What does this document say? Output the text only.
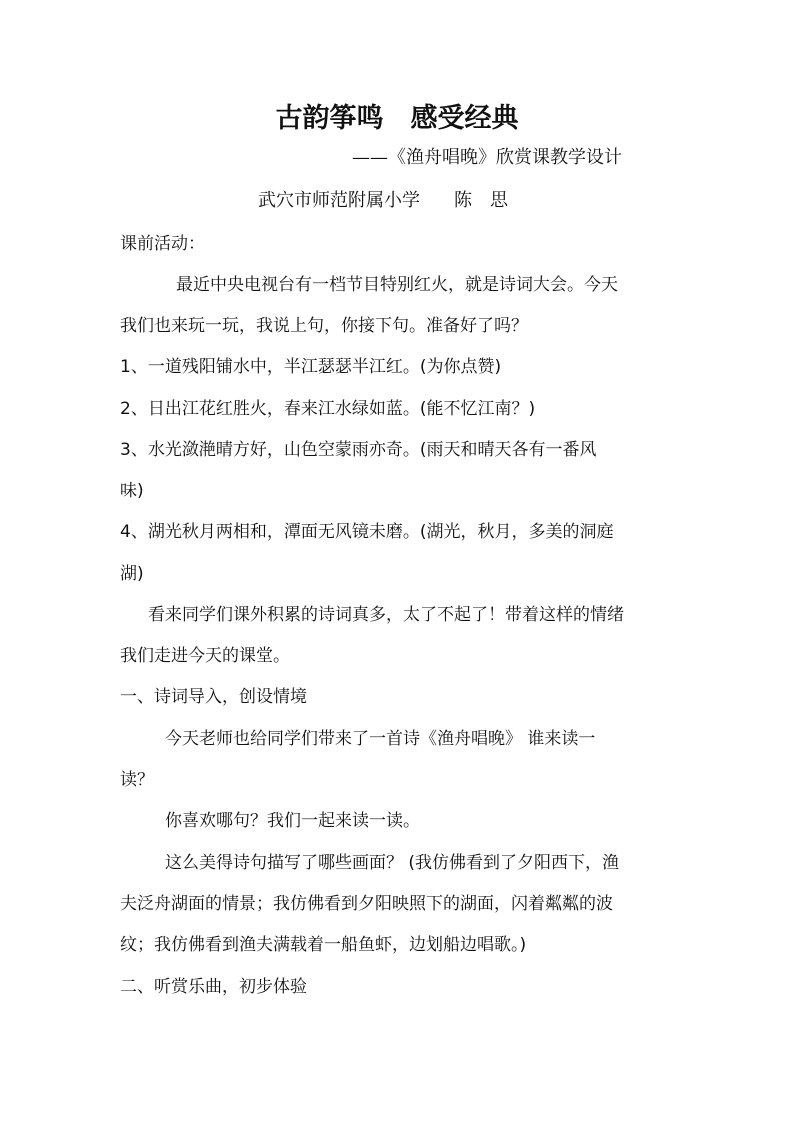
古韵筝鸣　感受经典
——《渔舟唱晚》欣赏课教学设计
武穴市师范附属小学 陈　思
课前活动：
最近中央电视台有一档节目特别红火，就是诗词大会。今天
我们也来玩一玩，我说上句，你接下句。准备好了吗？
1、一道残阳铺水中，半江瑟瑟半江红。(为你点赞)
2、日出江花红胜火，春来江水绿如蓝。(能不忆江南？)
3、水光潋滟晴方好，山色空蒙雨亦奇。(雨天和晴天各有一番风
味)
4、湖光秋月两相和，潭面无风镜未磨。(湖光，秋月，多美的洞庭
湖)
看来同学们课外积累的诗词真多，太了不起了！带着这样的情绪
我们走进今天的课堂。
一、诗词导入，创设情境
今天老师也给同学们带来了一首诗《渔舟唱晚》 谁来读一
读？
你喜欢哪句？我们一起来读一读。
这么美得诗句描写了哪些画面？ (我仿佛看到了夕阳西下，渔
夫泛舟湖面的情景；我仿佛看到夕阳映照下的湖面，闪着粼粼的波
纹；我仿佛看到渔夫满载着一船鱼虾，边划船边唱歌。)
二、听赏乐曲，初步体验
